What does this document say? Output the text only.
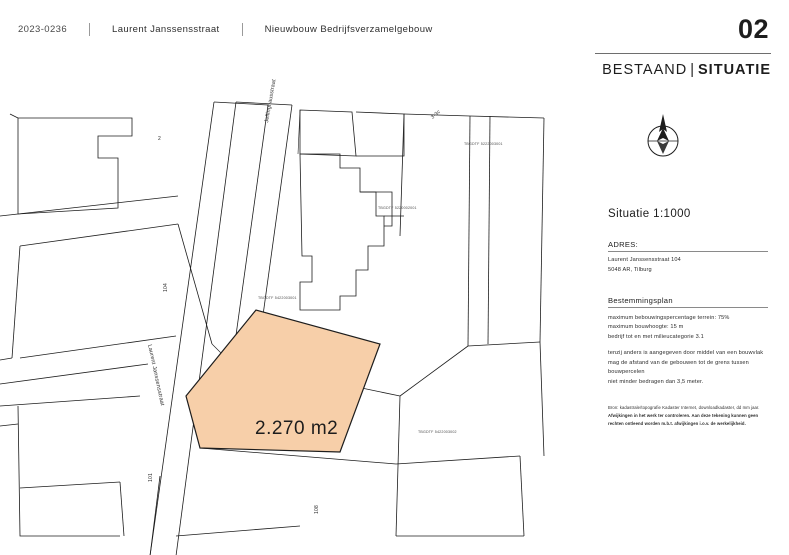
2023-0236	Laurent Janssensstraat	Nieuwbouw Bedrijfsverzamelgebouw	02
BESTAAND | SITUATIE
2.270 m2
Jellinghausstraat
Laurent Janssensstraat
2
104
101
108
3-3c
TBGDTF 5222003001
TBGDTF 5220002001
TBGDTF 5422003001
TBGDTF 5422003002
Situatie 1:1000
ADRES:
Laurent Janssensstraat 104
5048 AR, Tilburg
Bestemmingsplan
maximum bebouwingspercentage terrein: 75%
maximum bouwhoogte: 15 m
bedrijf tot en met milieucategorie 3.1
tenzij anders is aangegeven door middel van een bouwvlak
mag de afstand van de gebouwen tot de grens tussen bouwpercelen
niet minder bedragen dan 3,5 meter.
Bron: kadastrale/topografie Kadaster Internet, downloadkadaster, dd mm jaar.
Afwijkingen in het werk ter controleren. Aan deze tekening kunnen geen
rechten ontleend worden m.b.t. afwijkingen i.o.v. de werkelijkheid.
